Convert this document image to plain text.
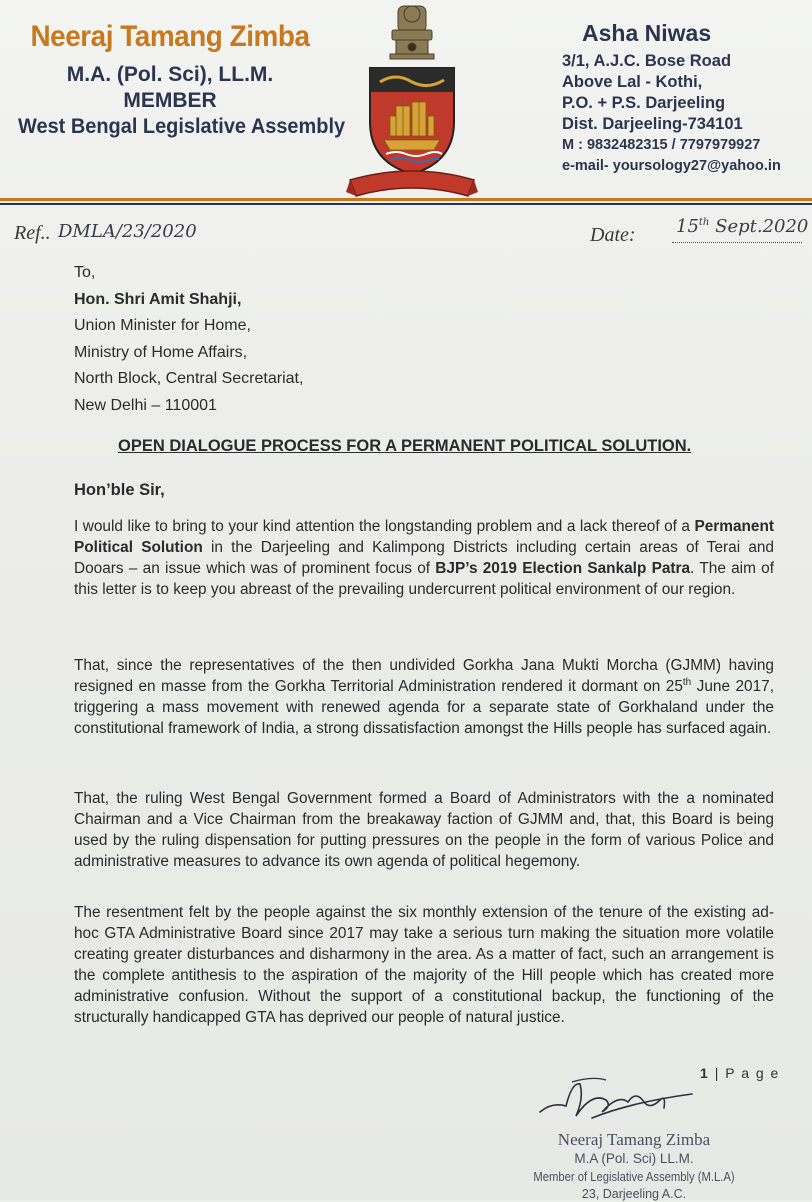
Neeraj Tamang Zimba
M.A. (Pol. Sci), LL.M.
MEMBER
West Bengal Legislative Assembly
Asha Niwas
3/1, A.J.C. Bose Road
Above Lal - Kothi,
P.O. + P.S. Darjeeling
Dist. Darjeeling-734101
M : 9832482315 / 7797979927
e-mail- yoursology27@yahoo.in
Ref.. DMLA/23/2020	Date: 15th Sept.2020
To,
Hon. Shri Amit Shahji,
Union Minister for Home,
Ministry of Home Affairs,
North Block, Central Secretariat,
New Delhi – 110001
OPEN DIALOGUE PROCESS FOR A PERMANENT POLITICAL SOLUTION.
Hon’ble Sir,
I would like to bring to your kind attention the longstanding problem and a lack thereof of a Permanent Political Solution in the Darjeeling and Kalimpong Districts including certain areas of Terai and Dooars – an issue which was of prominent focus of BJP’s 2019 Election Sankalp Patra. The aim of this letter is to keep you abreast of the prevailing undercurrent political environment of our region.
That, since the representatives of the then undivided Gorkha Jana Mukti Morcha (GJMM) having resigned en masse from the Gorkha Territorial Administration rendered it dormant on 25th June 2017, triggering a mass movement with renewed agenda for a separate state of Gorkhaland under the constitutional framework of India, a strong dissatisfaction amongst the Hills people has surfaced again.
That, the ruling West Bengal Government formed a Board of Administrators with the a nominated Chairman and a Vice Chairman from the breakaway faction of GJMM and, that, this Board is being used by the ruling dispensation for putting pressures on the people in the form of various Police and administrative measures to advance its own agenda of political hegemony.
The resentment felt by the people against the six monthly extension of the tenure of the existing ad-hoc GTA Administrative Board since 2017 may take a serious turn making the situation more volatile creating greater disturbances and disharmony in the area. As a matter of fact, such an arrangement is the complete antithesis to the aspiration of the majority of the Hill people which has created more administrative confusion. Without the support of a constitutional backup, the functioning of the structurally handicapped GTA has deprived our people of natural justice.
1 | P a g e
Neeraj Tamang Zimba
M.A (Pol. Sci) LL.M.
Member of Legislative Assembly (M.L.A)
23, Darjeeling A.C.
